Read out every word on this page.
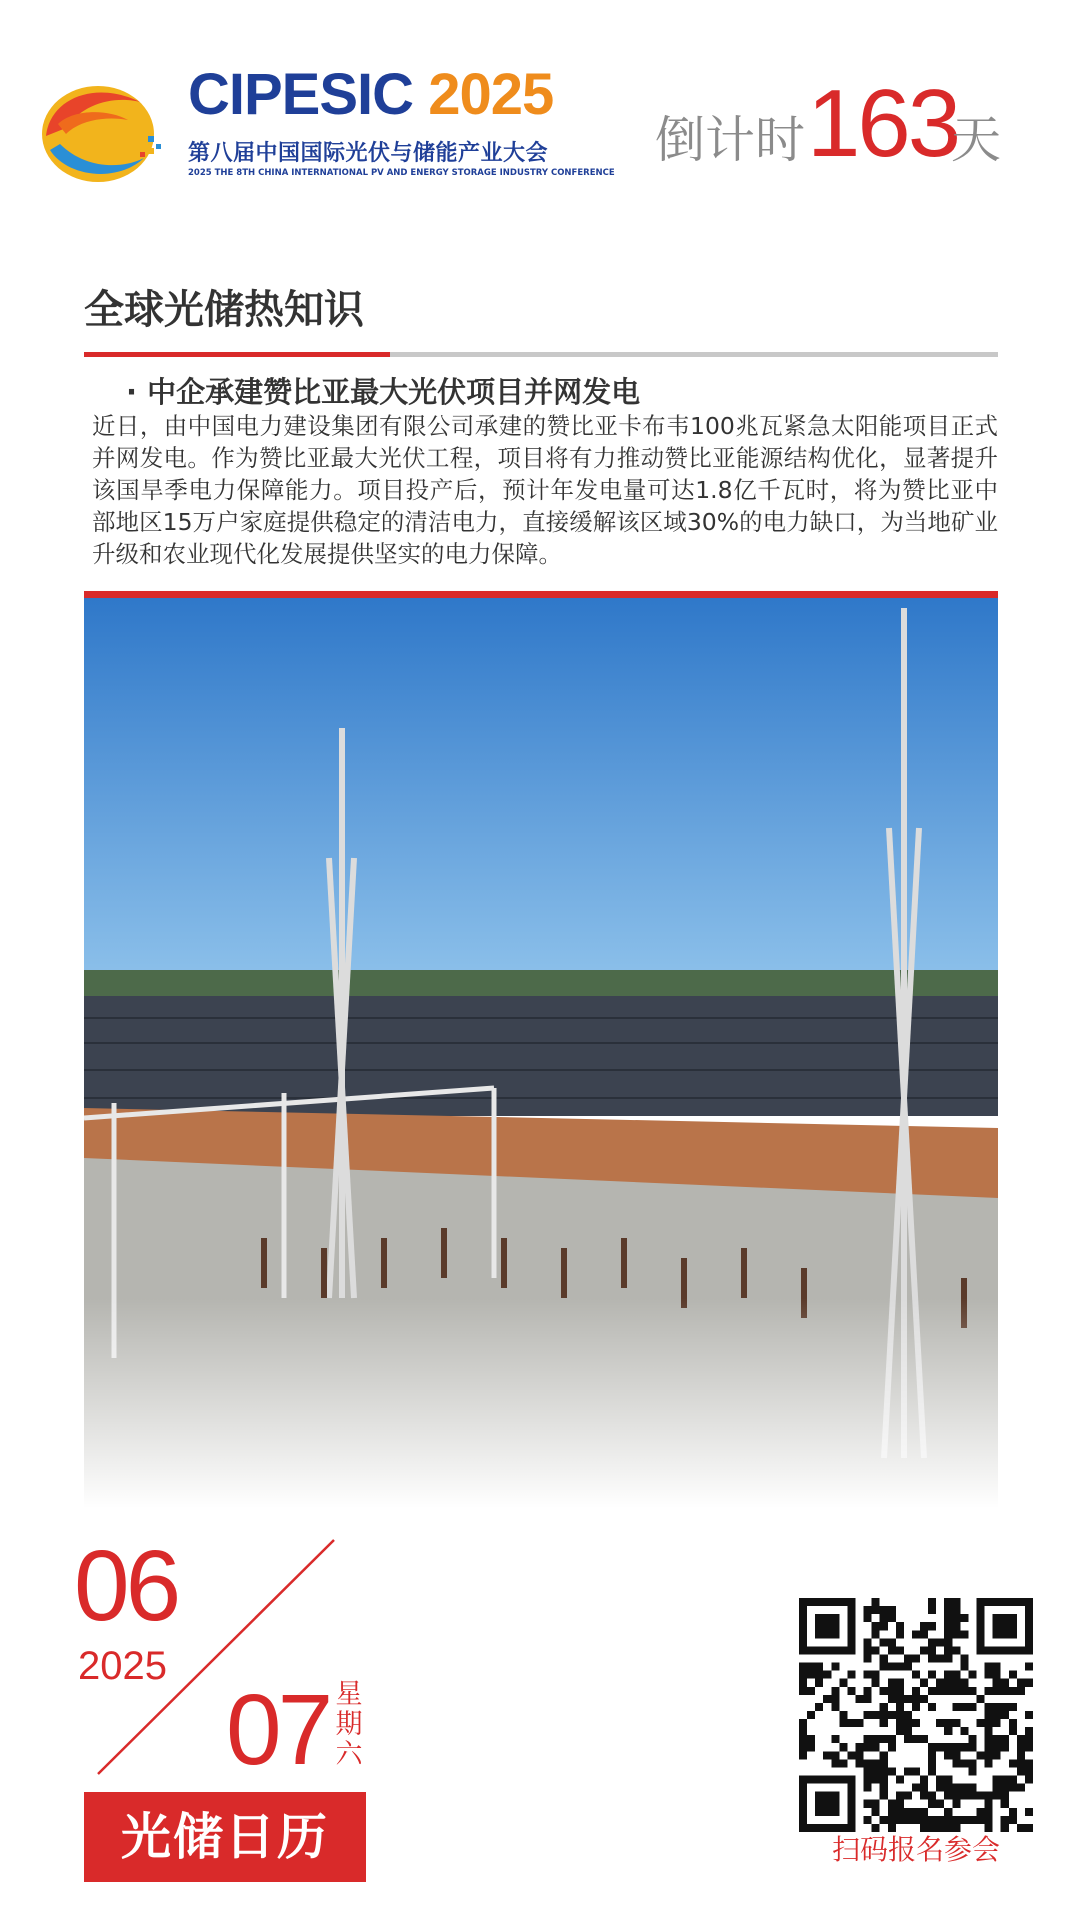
CIPESIC 2025
第八届中国国际光伏与储能产业大会
2025 THE 8TH CHINA INTERNATIONAL PV AND ENERGY STORAGE INDUSTRY CONFERENCE
倒计时 163
天
全球光储热知识
· 中企承建赞比亚最大光伏项目并网发电
近日，由中国电力建设集团有限公司承建的赞比亚卡布韦100兆瓦紧急太阳能项目正式并网发电。作为赞比亚最大光伏工程，项目将有力推动赞比亚能源结构优化，显著提升该国旱季电力保障能力。项目投产后，预计年发电量可达1.8亿千瓦时，将为赞比亚中部地区15万户家庭提供稳定的清洁电力，直接缓解该区域30%的电力缺口，为当地矿业升级和农业现代化发展提供坚实的电力保障。
06
2025
07 星
期
六
光储日历	扫码报名参会
